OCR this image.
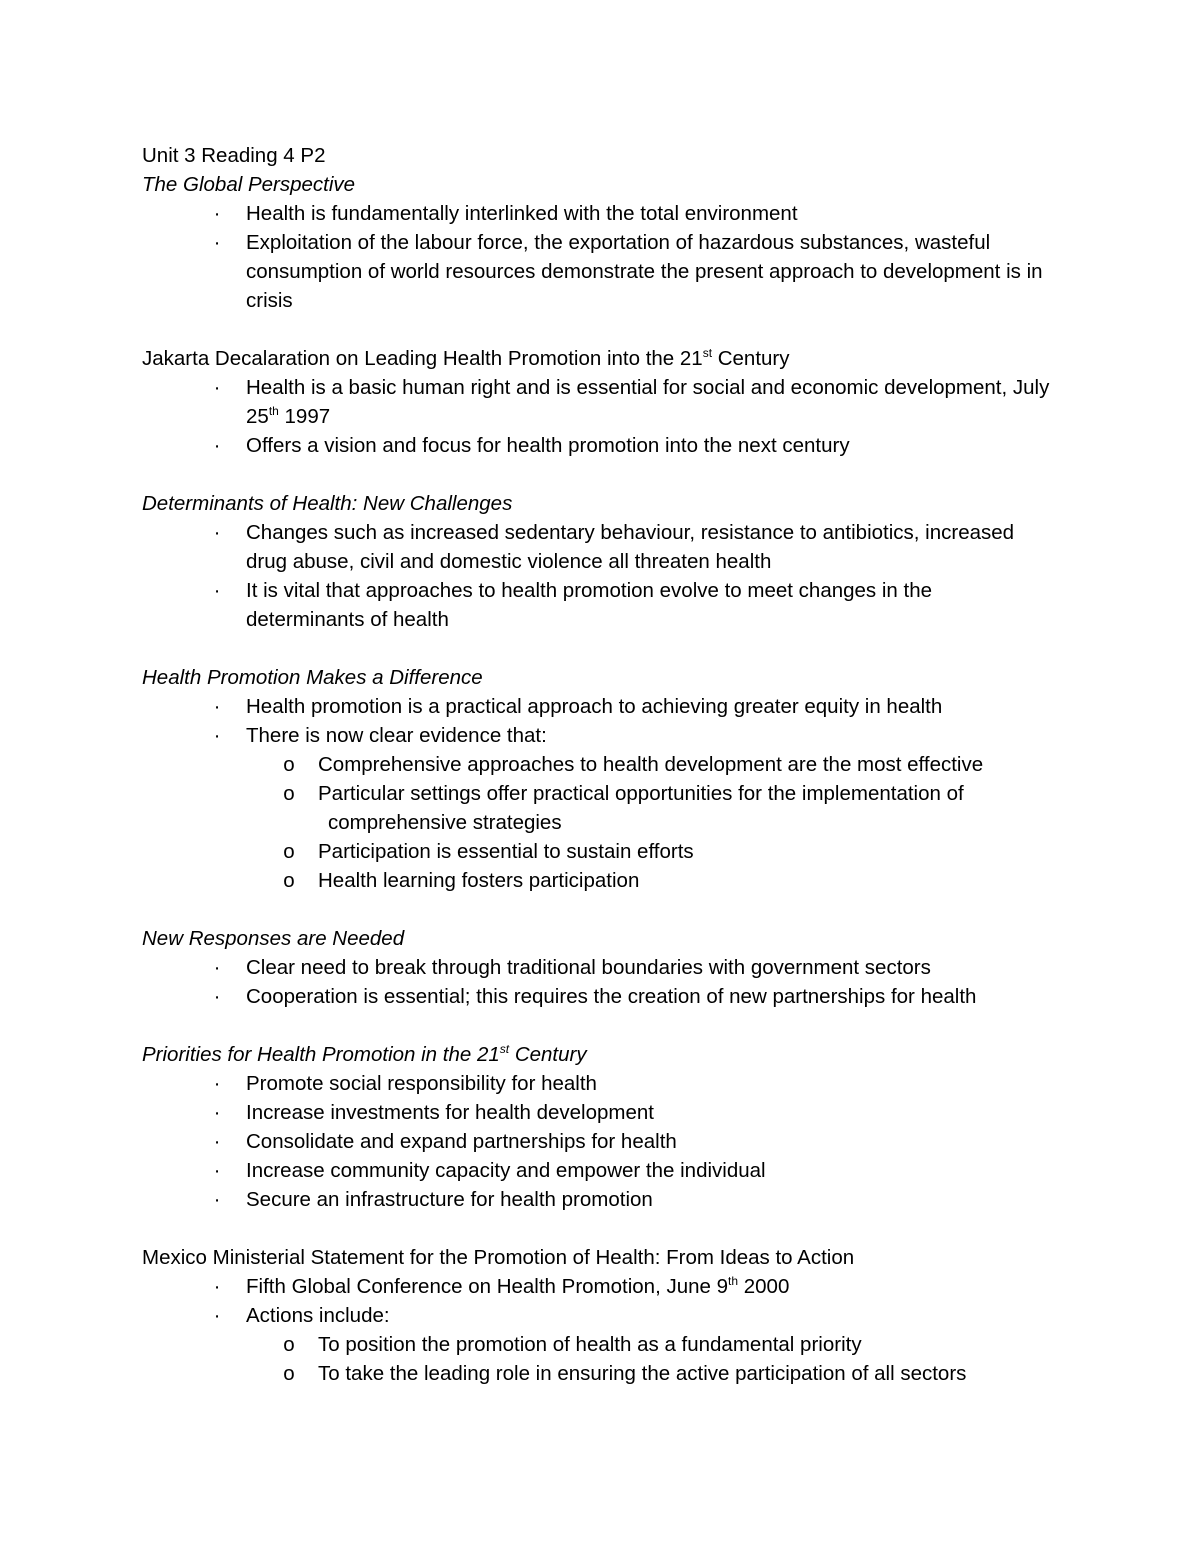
Unit 3 Reading 4 P2

The Global Perspective

· Health is fundamentally interlinked with the total environment
· Exploitation of the labour force, the exportation of hazardous substances, wasteful consumption of world resources demonstrate the present approach to development is in crisis

Jakarta Decalaration on Leading Health Promotion into the 21st Century

· Health is a basic human right and is essential for social and economic development, July 25th 1997
· Offers a vision and focus for health promotion into the next century

Determinants of Health: New Challenges

· Changes such as increased sedentary behaviour, resistance to antibiotics, increased drug abuse, civil and domestic violence all threaten health
· It is vital that approaches to health promotion evolve to meet changes in the determinants of health

Health Promotion Makes a Difference

· Health promotion is a practical approach to achieving greater equity in health
· There is now clear evidence that:
o Comprehensive approaches to health development are the most effective
o Particular settings offer practical opportunities for the implementation of
comprehensive strategies
o Participation is essential to sustain efforts
o Health learning fosters participation

New Responses are Needed

· Clear need to break through traditional boundaries with government sectors
· Cooperation is essential; this requires the creation of new partnerships for health

Priorities for Health Promotion in the 21st Century

· Promote social responsibility for health
· Increase investments for health development
· Consolidate and expand partnerships for health
· Increase community capacity and empower the individual
· Secure an infrastructure for health promotion

Mexico Ministerial Statement for the Promotion of Health: From Ideas to Action

· Fifth Global Conference on Health Promotion, June 9th 2000
· Actions include:
o To position the promotion of health as a fundamental priority
o To take the leading role in ensuring the active participation of all sectors
